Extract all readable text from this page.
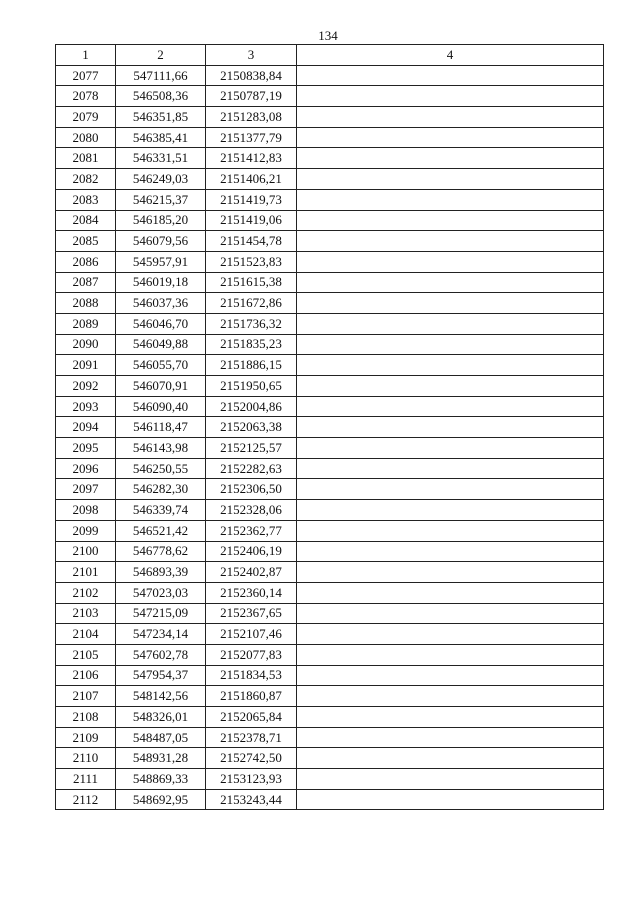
134
1	2	3	4
2077	547111,66	2150838,84	
2078	546508,36	2150787,19	
2079	546351,85	2151283,08	
2080	546385,41	2151377,79	
2081	546331,51	2151412,83	
2082	546249,03	2151406,21	
2083	546215,37	2151419,73	
2084	546185,20	2151419,06	
2085	546079,56	2151454,78	
2086	545957,91	2151523,83	
2087	546019,18	2151615,38	
2088	546037,36	2151672,86	
2089	546046,70	2151736,32	
2090	546049,88	2151835,23	
2091	546055,70	2151886,15	
2092	546070,91	2151950,65	
2093	546090,40	2152004,86	
2094	546118,47	2152063,38	
2095	546143,98	2152125,57	
2096	546250,55	2152282,63	
2097	546282,30	2152306,50	
2098	546339,74	2152328,06	
2099	546521,42	2152362,77	
2100	546778,62	2152406,19	
2101	546893,39	2152402,87	
2102	547023,03	2152360,14	
2103	547215,09	2152367,65	
2104	547234,14	2152107,46	
2105	547602,78	2152077,83	
2106	547954,37	2151834,53	
2107	548142,56	2151860,87	
2108	548326,01	2152065,84	
2109	548487,05	2152378,71	
2110	548931,28	2152742,50	
2111	548869,33	2153123,93	
2112	548692,95	2153243,44	
